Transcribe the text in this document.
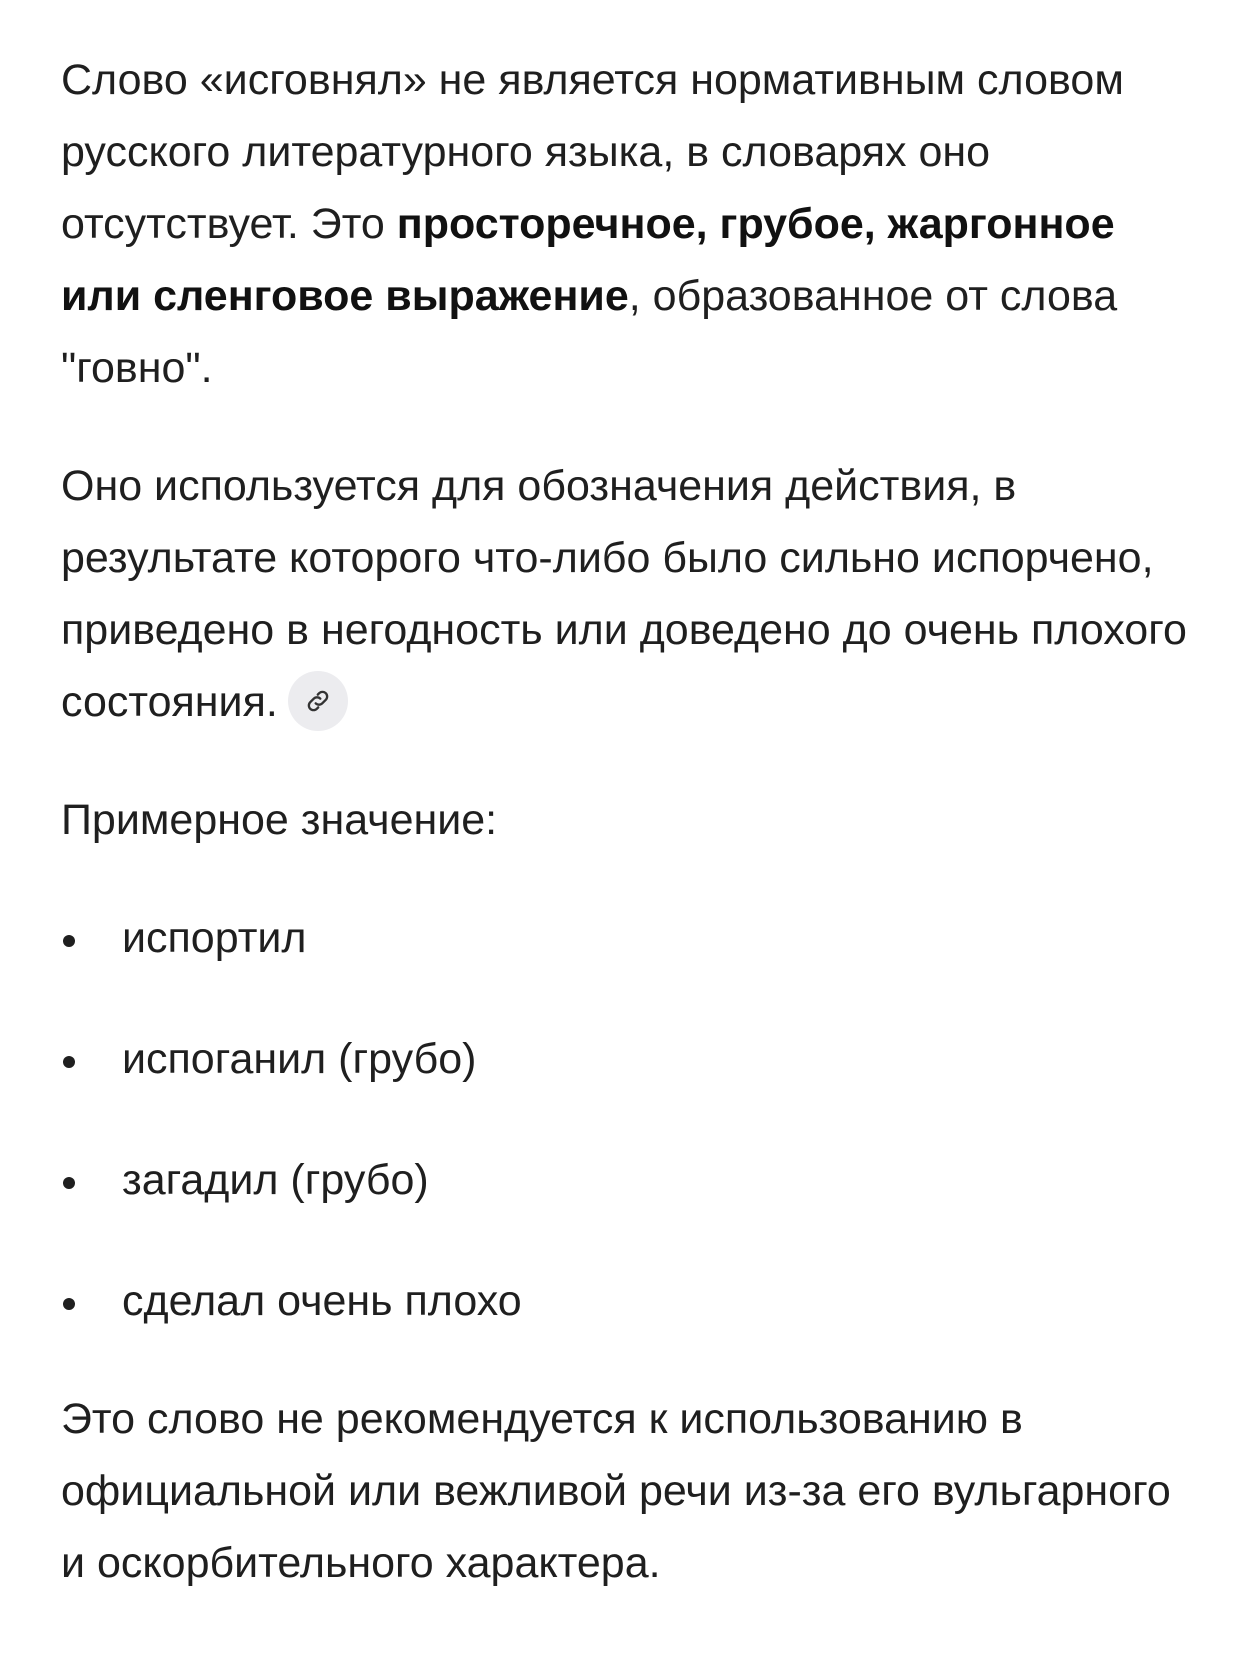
Слово «исговнял» не является нормативным словом русского литературного языка, в словарях оно отсутствует. Это просторечное, грубое, жаргонное или сленговое выражение, образованное от слова "говно".

Оно используется для обозначения действия, в результате которого что-либо было сильно испорчено, приведено в негодность или доведено до очень плохого состояния.

Примерное значение:

испортил
испоганил (грубо)
загадил (грубо)
сделал очень плохо

Это слово не рекомендуется к использованию в официальной или вежливой речи из-за его вульгарного и оскорбительного характера.
